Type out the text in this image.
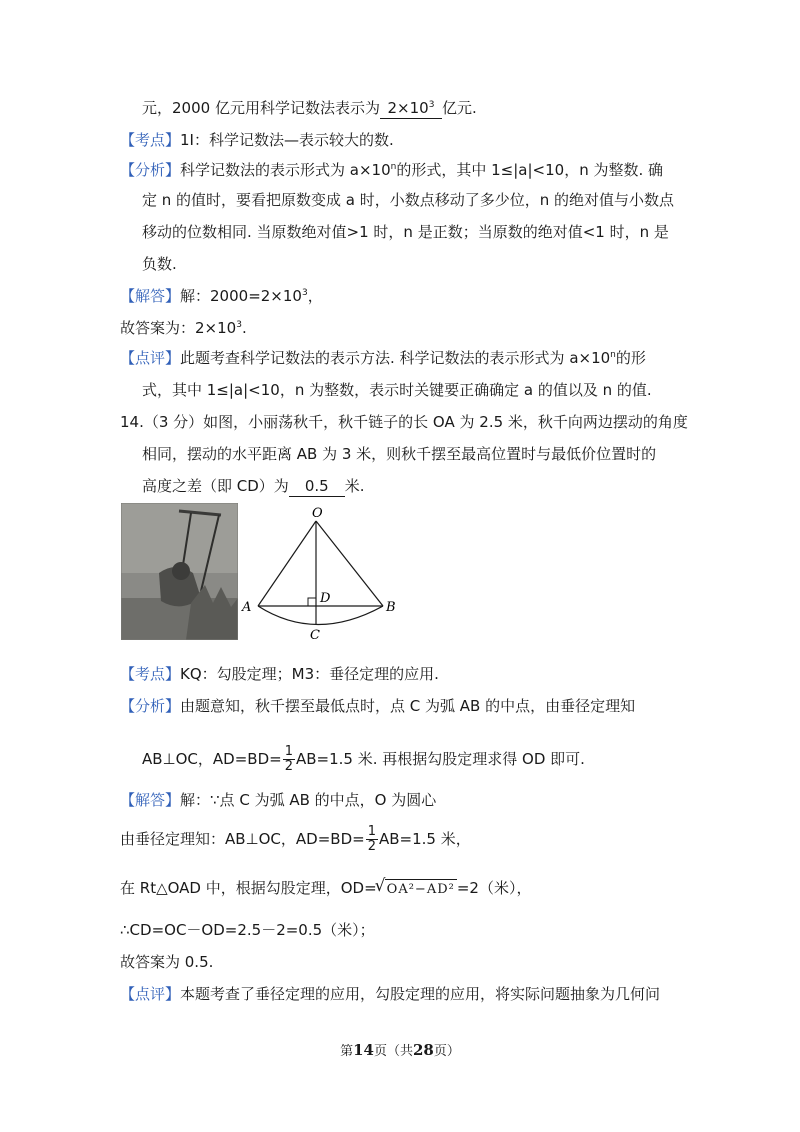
元，2000 亿元用科学记数法表示为 $2\times 10^3$ 亿元.
【考点】1I：科学记数法—表示较大的数.
【分析】科学记数法的表示形式为 $a\times 10^n$的形式，其中 1≤|a|<10，n 为整数. 确
定 n 的值时，要看把原数变成 a 时，小数点移动了多少位，n 的绝对值与小数点
移动的位数相同. 当原数绝对值>1 时，n 是正数；当原数的绝对值<1 时，n 是
负数.
【解答】解：$2000=2\times 10^3$，
故答案为：$2\times 10^3$.
【点评】此题考查科学记数法的表示方法. 科学记数法的表示形式为 $a\times 10^n$的形
式，其中 1≤|a|<10，n 为整数，表示时关键要正确确定 a 的值以及 n 的值.
14.（3 分）如图，小丽荡秋千，秋千链子的长 OA 为 2.5 米，秋千向两边摆动的角度
相同，摆动的水平距离 AB 为 3 米，则秋千摆至最高位置时与最低价位置时的
高度之差（即 CD）为 0.5 米.
O
A	B
C
D
【考点】KQ：勾股定理；M3：垂径定理的应用.
【分析】由题意知，秋千摆至最低点时，点 C 为弧 AB 的中点，由垂径定理知
AB⊥OC，$AD=BD= \frac{1}{2} AB=1.5$ 米. 再根据勾股定理求得 OD 即可.
【解答】解：∵点 C 为弧 AB 的中点，O 为圆心
由垂径定理知：AB⊥OC，$AD=BD= \frac{1}{2} AB=1.5$ 米，
在 Rt△OAD 中，根据勾股定理，OD=√ OA²−AD² =2（米），
∴CD=OC－OD=2.5－2=0.5（米）；
故答案为 0.5.
【点评】本题考查了垂径定理的应用，勾股定理的应用，将实际问题抽象为几何问
第14页（共28页）
